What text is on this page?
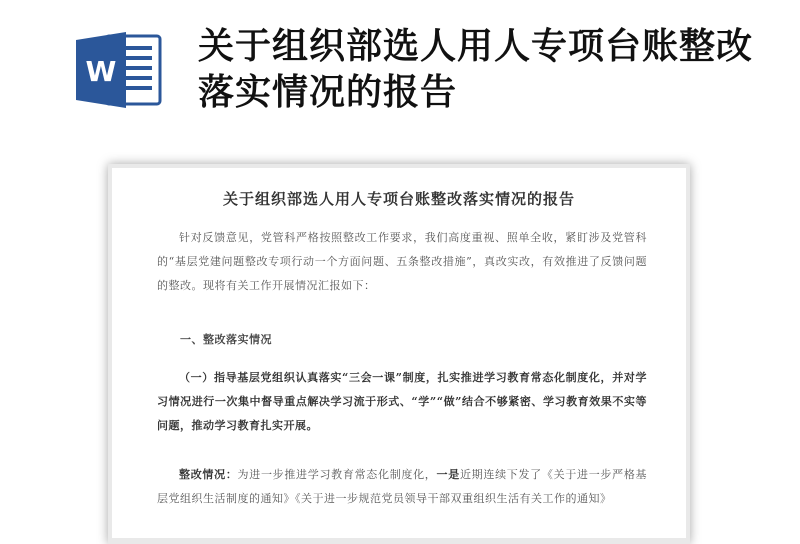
W
关于组织部选人用人专项台账整改落实情况的报告
关于组织部选人用人专项台账整改落实情况的报告
针对反馈意见，党管科严格按照整改工作要求，我们高度重视、照单全收，紧盯涉及党管科的“基层党建问题整改专项行动一个方面问题、五条整改措施”，真改实改，有效推进了反馈问题的整改。现将有关工作开展情况汇报如下：
一、整改落实情况
（一）指导基层党组织认真落实“三会一课”制度，扎实推进学习教育常态化制度化，并对学习情况进行一次集中督导重点解决学习流于形式、“学”“做”结合不够紧密、学习教育效果不实等问题，推动学习教育扎实开展。
整改情况：为进一步推进学习教育常态化制度化，一是近期连续下发了《关于进一步严格基层党组织生活制度的通知》《关于进一步规范党员领导干部双重组织生活有关工作的通知》
